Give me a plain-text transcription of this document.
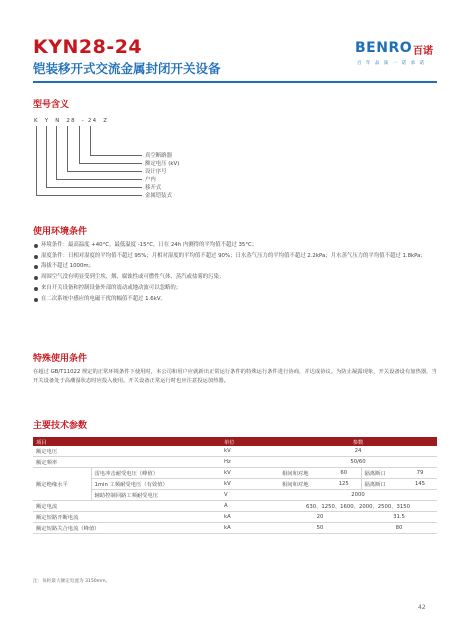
KYN28-24
铠装移开式交流金属封闭开关设备
BENRO 百诺
百 年 品 质 一 诺 承 诺
型号含义
K Y N 28 - 24 Z
真空断路器
额定电压 (kV)
设计序号
户内
移开式
金属铠装式
使用环境条件
环境条件：最高温度 +40°C，最低温度 -15°C，日在 24h 内测得的平均值不超过 35°C；
湿度条件：日相对湿度的平均值不超过 95%；月相对湿度的平均值不超过 90%；日水蒸气压力的平均值不超过 2.2kPa；月水蒸气压力的平均值不超过 1.8kPa；
海拔不超过 1000m；
周围空气没有明显受到尘埃、烟、腐蚀性或可燃性气体、蒸汽或盐雾的污染；
来自开关设备和控制设备外部的震动或地动波可以忽略的；
在二次系统中感应的电磁干扰的幅值不超过 1.6kV。
特殊使用条件
在超过 GB/T11022 规定的正常环境条件下使用时，本公司和用户应就新出正常运行条件的特殊运行条件进行协商，并达成协议。为防止凝露现象，开关设备设有加热器，当开关设备处于高潮湿状态时应投入使用。开关设备正常运行时也应注意投运加热器。
主要技术参数
项目		单位	参数			
额定电压		kV	24			
额定频率		Hz	50/60			
额定绝缘水平	雷电冲击耐受电压（峰值）	kV	相间和对地	60	隔离断口	79
	1min 工频耐受电压（有效值）	kV	相间和对地	125	隔离断口	145
	辅助控制回路工频耐受电压	V	2000			
额定电流		A	630、1250、1600、2000、2500、3150			
额定短路开断电流		kA	20		31.5	
额定短路关合电流（峰值）		kA	50		80	
注：每柜最大额定电流为 3150mm。
42
